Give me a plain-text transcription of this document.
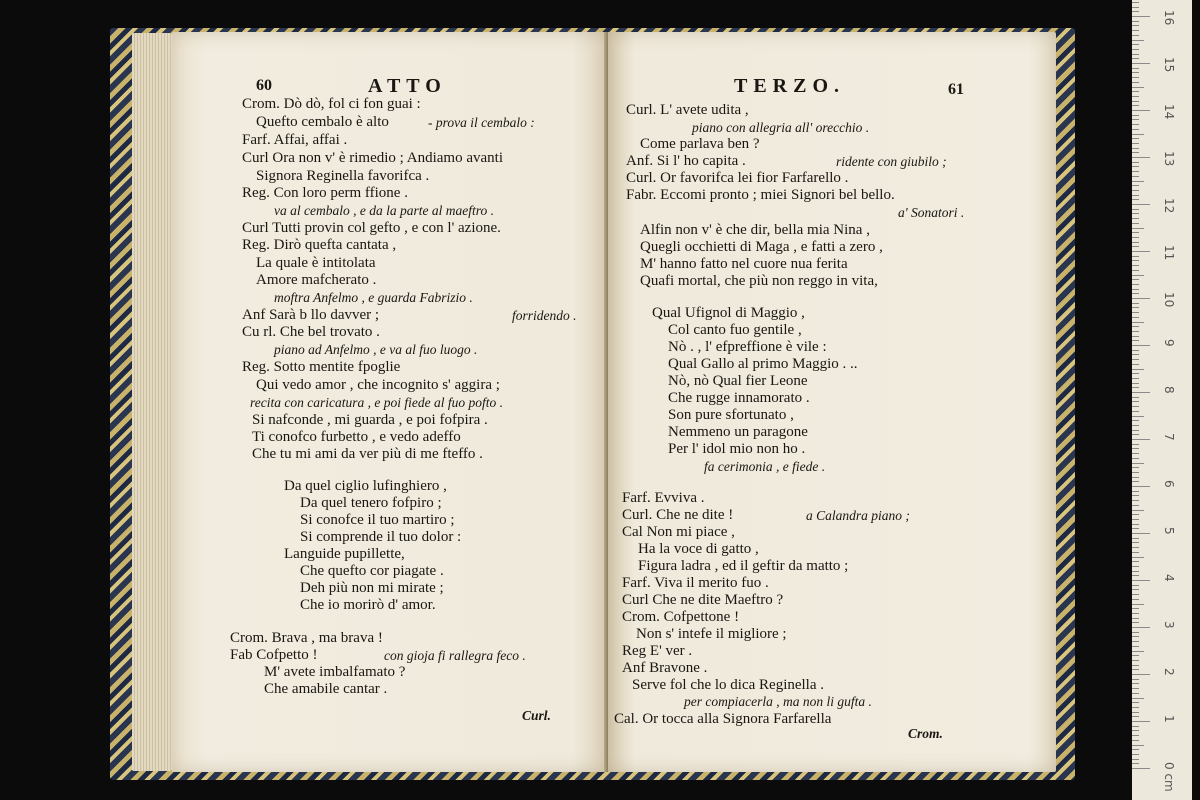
60	ATTO
Crom. Dò dò, fol ci fon guai :
Quefto cembalo è alto	- prova il cembalo :
Farf. Affai, affai .
Curl Ora non v' è rimedio ; Andiamo avanti
Signora Reginella favorifca .
Reg. Con loro perm ffione .
va al cembalo , e da la parte al maeftro .
Curl Tutti provin col gefto , e con l' azione.
Reg. Dirò quefta cantata ,
La quale è intitolata
Amore mafcherato .
moftra Anfelmo , e guarda Fabrizio .
Anf Sarà b llo davver ;	forridendo .
Cu rl. Che bel trovato .
piano ad Anfelmo , e va al fuo luogo .
Reg. Sotto mentite fpoglie
Qui vedo amor , che incognito s' aggira ;
recita con caricatura , e poi fiede al fuo pofto .
Si nafconde , mi guarda , e poi fofpira .
Ti conofco furbetto , e vedo adeffo
Che tu mi ami da ver più di me fteffo .
Da quel ciglio lufinghiero ,
Da quel tenero fofpiro ;
Si conofce il tuo martiro ;
Si comprende il tuo dolor :
Languide pupillette,
Che quefto cor piagate .
Deh più non mi mirate ;
Che io morirò d' amor.
Crom. Brava , ma brava !
Fab Cofpetto !	con gioja fi rallegra feco .
M' avete imbalfamato ?
Che amabile cantar .
Curl.
TERZO.	61
Curl. L' avete udita ,
piano con allegria all' orecchio .
Come parlava ben ?
Anf. Si l' ho capita .	ridente con giubilo ;
Curl. Or favorifca lei fior Farfarello .
Fabr. Eccomi pronto ; miei Signori bel bello.
a' Sonatori .
Alfin non v' è che dir, bella mia Nina ,
Quegli occhietti di Maga , e fatti a zero ,
M' hanno fatto nel cuore nua ferita
Quafi mortal, che più non reggo in vita,
Qual Ufignol di Maggio ,
Col canto fuo gentile ,
Nò . , l' efpreffione è vile :
Qual Gallo al primo Maggio . ..
Nò, nò Qual fier Leone
Che rugge innamorato .
Son pure sfortunato ,
Nemmeno un paragone
Per l' idol mio non ho .
fa cerimonia , e fiede .
Farf. Evviva .
Curl. Che ne dite !	a Calandra piano ;
Cal Non mi piace ,
Ha la voce di gatto ,
Figura ladra , ed il geftir da matto ;
Farf. Viva il merito fuo .
Curl Che ne dite Maeftro ?
Crom. Cofpettone !
Non s' intefe il migliore ;
Reg E' ver .
Anf Bravone .
Serve fol che lo dica Reginella .
per compiacerla , ma non li gufta .
Cal. Or tocca alla Signora Farfarella
Crom.
0 cm
1
2
3
4
5
6
7
8
9
10
11
12
13
14
15
16
